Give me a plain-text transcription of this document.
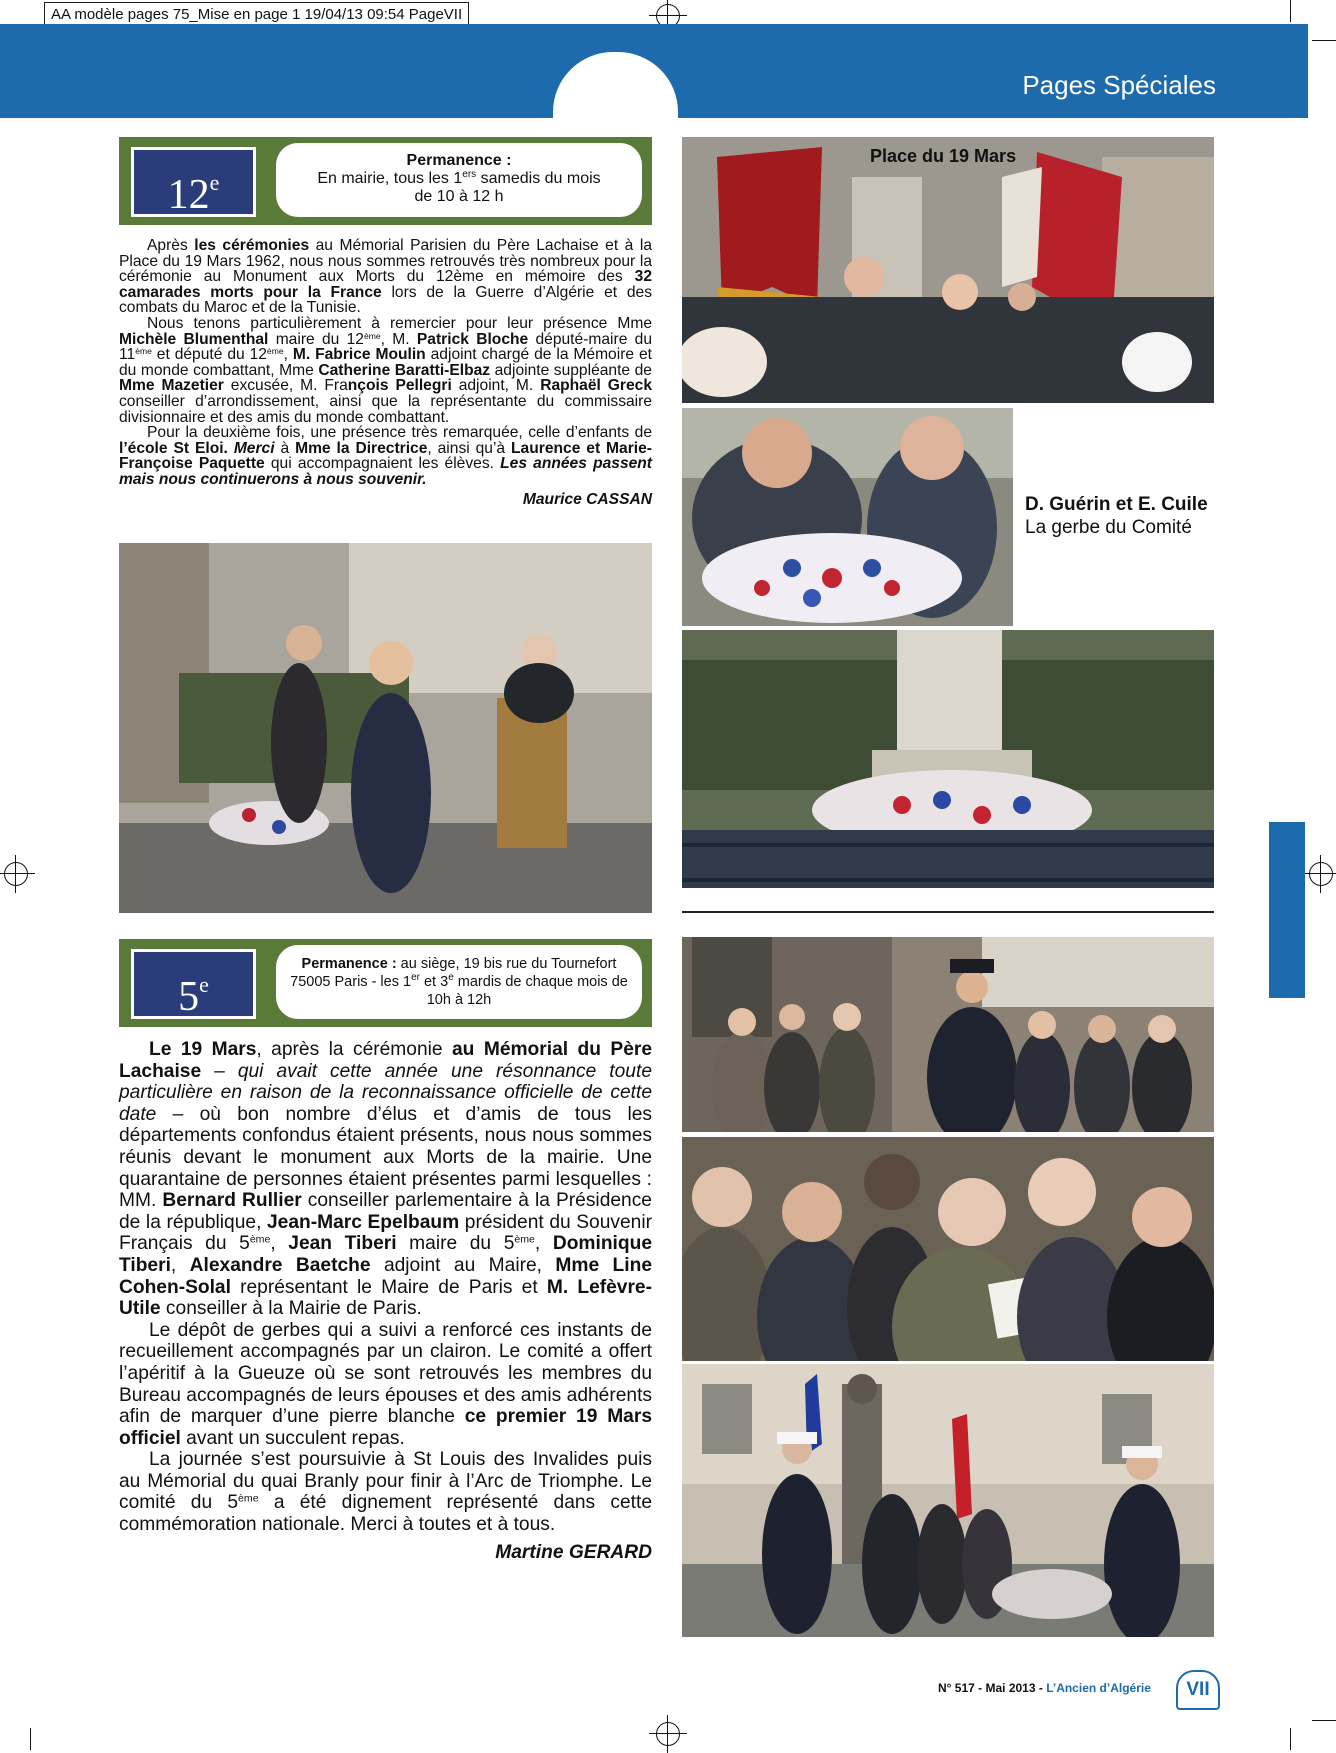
AA modèle pages 75_Mise en page 1 19/04/13 09:54 PageVII
Pages Spéciales
12e
Permanence :
En mairie, tous les 1ers samedis du mois
de 10 à 12 h

Après les cérémonies au Mémorial Parisien du Père Lachaise et à la Place du 19 Mars 1962, nous nous sommes retrouvés très nombreux pour la cérémonie au Monument aux Morts du 12ème en mémoire des 32 camarades morts pour la France lors de la Guerre d’Algérie et des combats du Maroc et de la Tunisie.

Nous tenons particulièrement à remercier pour leur présence Mme Michèle Blumenthal maire du 12ème, M. Patrick Bloche député-maire du 11ème et député du 12ème, M. Fabrice Moulin adjoint chargé de la Mémoire et du monde combattant, Mme Catherine Baratti-Elbaz adjointe suppléante de Mme Mazetier excusée, M. François Pellegri adjoint, M. Raphaël Greck conseiller d’arrondissement, ainsi que la représentante du commissaire divisionnaire et des amis du monde combattant.

Pour la deuxième fois, une présence très remarquée, celle d’enfants de l’école St Eloi. Merci à Mme la Directrice, ainsi qu’à Laurence et Marie-Françoise Paquette qui accompagnaient les élèves. Les années passent mais nous continuerons à nous souvenir.

Maurice CASSAN
Place du 19 Mars
D. Guérin et E. Cuile
La gerbe du Comité
5e
Permanence : au siège, 19 bis rue du Tournefort
75005 Paris - les 1er et 3e mardis de chaque mois de
10h à 12h

Le 19 Mars, après la cérémonie au Mémorial du Père Lachaise – qui avait cette année une résonnance toute particulière en raison de la reconnaissance officielle de cette date – où bon nombre d’élus et d’amis de tous les départements confondus étaient présents, nous nous sommes réunis devant le monument aux Morts de la mairie. Une quarantaine de personnes étaient présentes parmi lesquelles : MM. Bernard Rullier conseiller parlementaire à la Présidence de la république, Jean-Marc Epelbaum président du Souvenir Français du 5ème, Jean Tiberi maire du 5ème, Dominique Tiberi, Alexandre Baetche adjoint au Maire, Mme Line Cohen-Solal représentant le Maire de Paris et M. Lefèvre-Utile conseiller à la Mairie de Paris.

Le dépôt de gerbes qui a suivi a renforcé ces instants de recueillement accompagnés par un clairon. Le comité a offert l’apéritif à la Gueuze où se sont retrouvés les membres du Bureau accompagnés de leurs épouses et des amis adhérents afin de marquer d’une pierre blanche ce premier 19 Mars officiel avant un succulent repas.

La journée s’est poursuivie à St Louis des Invalides puis au Mémorial du quai Branly pour finir à l’Arc de Triomphe. Le comité du 5ème a été dignement représenté dans cette commémoration nationale. Merci à toutes et à tous.

Martine GERARD
N° 517 - Mai 2013 - L’Ancien d’Algérie	VII
